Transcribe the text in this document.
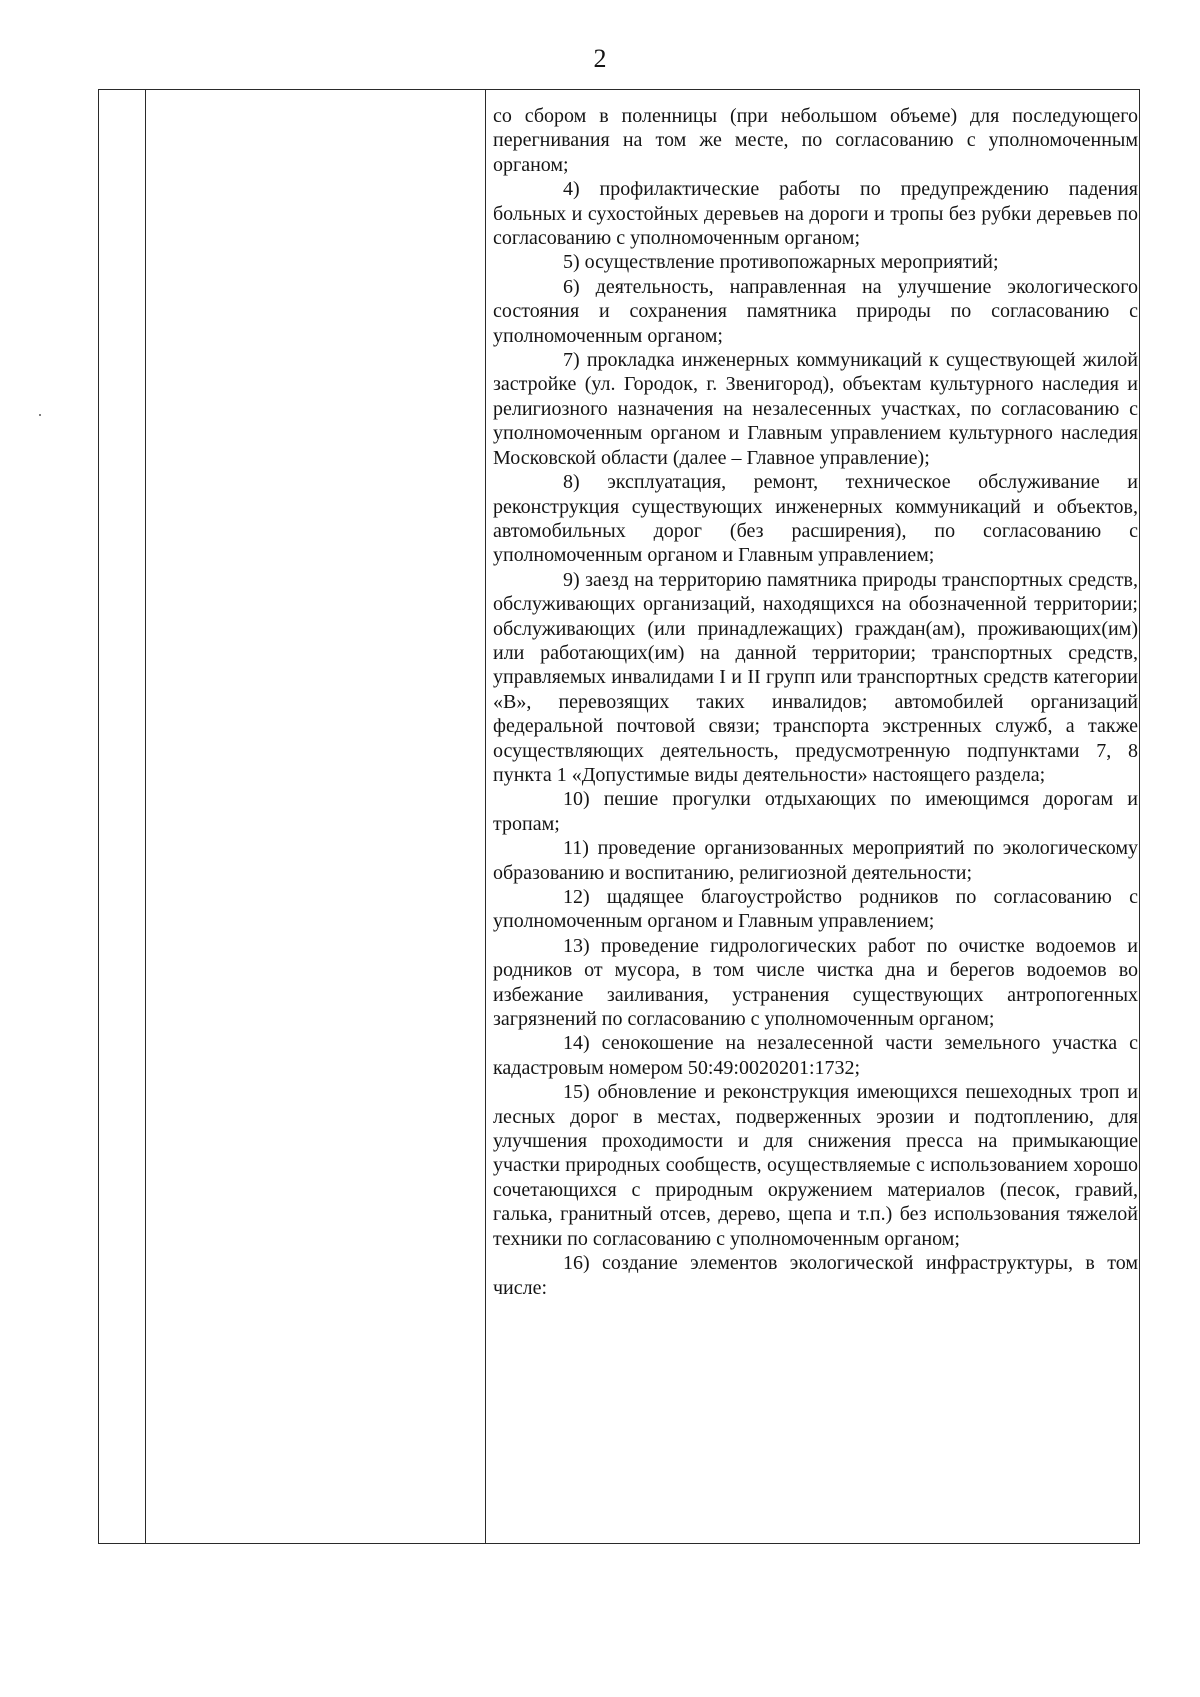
2

со сбором в поленницы (при небольшом объеме) для последующего перегнивания на том же месте, по согласованию с уполномоченным органом;

4) профилактические работы по предупреждению падения больных и сухостойных деревьев на дороги и тропы без рубки деревьев по согласованию с уполномоченным органом;

5) осуществление противопожарных мероприятий;

6) деятельность, направленная на улучшение экологического состояния и сохранения памятника природы по согласованию с уполномоченным органом;

7) прокладка инженерных коммуникаций к существующей жилой застройке (ул. Городок, г. Звенигород), объектам культурного наследия и религиозного назначения на незалесенных участках, по согласованию с уполномоченным органом и Главным управлением культурного наследия Московской области (далее – Главное управление);

8) эксплуатация, ремонт, техническое обслуживание и реконструкция существующих инженерных коммуникаций и объектов, автомобильных дорог (без расширения), по согласованию с уполномоченным органом и Главным управлением;

9) заезд на территорию памятника природы транспортных средств, обслуживающих организаций, находящихся на обозначенной территории; обслуживающих (или принадлежащих) граждан(ам), проживающих(им) или работающих(им) на данной территории; транспортных средств, управляемых инвалидами I и II групп или транспортных средств категории «В», перевозящих таких инвалидов; автомобилей организаций федеральной почтовой связи; транспорта экстренных служб, а также осуществляющих деятельность, предусмотренную подпунктами 7, 8 пункта 1 «Допустимые виды деятельности» настоящего раздела;

10) пешие прогулки отдыхающих по имеющимся дорогам и тропам;

11) проведение организованных мероприятий по экологическому образованию и воспитанию, религиозной деятельности;

12) щадящее благоустройство родников по согласованию с уполномоченным органом и Главным управлением;

13) проведение гидрологических работ по очистке водоемов и родников от мусора, в том числе чистка дна и берегов водоемов во избежание заиливания, устранения существующих антропогенных загрязнений по согласованию с уполномоченным органом;

14) сенокошение на незалесенной части земельного участка с кадастровым номером 50:49:0020201:1732;

15) обновление и реконструкция имеющихся пешеходных троп и лесных дорог в местах, подверженных эрозии и подтоплению, для улучшения проходимости и для снижения пресса на примыкающие участки природных сообществ, осуществляемые с использованием хорошо сочетающихся с природным окружением материалов (песок, гравий, галька, гранитный отсев, дерево, щепа и т.п.) без использования тяжелой техники по согласованию с уполномоченным органом;

16) создание элементов экологической инфраструктуры, в том числе:
